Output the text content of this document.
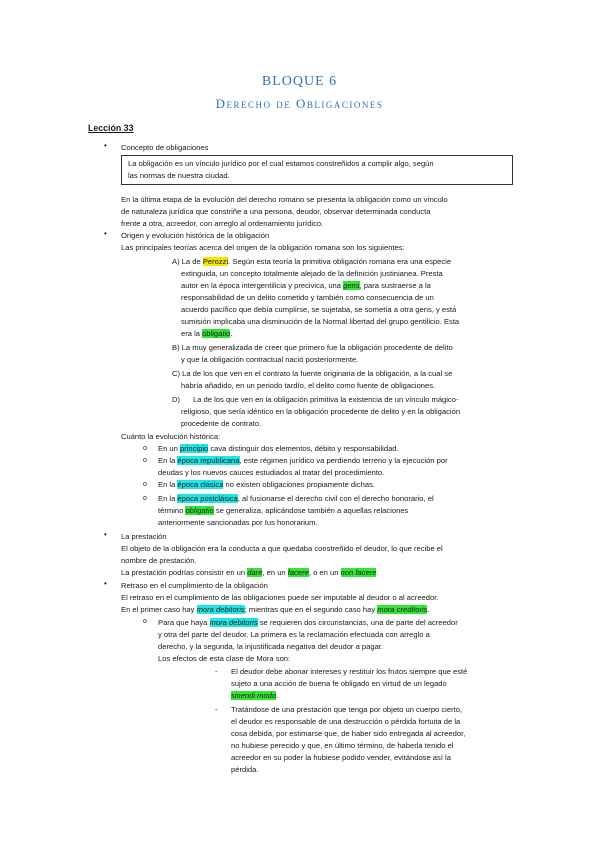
BLOQUE 6
Derecho de Obligaciones
Lección 33
• Concepto de obligaciones
La obligación es un vínculo jurídico por el cual estamos constreñidos a cumplir algo, según
las normas de nuestra ciudad.
En la última etapa de la evolución del derecho romano se presenta la obligación como un vínculo
de naturaleza jurídica que constriñe a una persona, deudor, observar determinada conducta
frente a otra, acreedor, con arreglo al ordenamiento jurídico.
• Origen y evolución histórica de la obligación
Las principales teorías acerca del origen de la obligación romana son los siguientes:
A) La de Perozzi. Según esta teoría la primitiva obligación romana era una especie
extinguida, un concepto totalmente alejado de la definición justinianea. Presta
autor en la época intergentilicia y precivica, una gens, para sustraerse a la
responsabilidad de un delito cometido y también como consecuencia de un
acuerdo pacífico que debía cumplirse, se sujetaba, se sometía a otra gens, y está
sumisión implicaba una disminución de la Normal libertad del grupo gentilicio. Esta
era la obligatio.
B) La muy generalizada de creer que primero fue la obligación procedente de delito
y que la obligación contractual nació posteriormente.
C) La de los que ven en el contrato la fuente originaria de la obligación, a la cual se
habría añadido, en un periodo tardío, el delito como fuente de obligaciones.
D) La de los que ven en la obligación primitiva la existencia de un vínculo mágico-
religioso, que sería idéntico en la obligación procedente de delito y en la obligación
procedente de contrato.
Cuánto la evolución histórica:
o En un principio cava distinguir dos elementos, débito y responsabilidad.
o En la época republicana, este régimen jurídico va perdiendo terreno y la ejecución por
deudas y los nuevos cauces estudiados al tratar del procedimiento.
o En la época clásica no existen obligaciones propiamente dichas.
o En la época postclásica, al fusionarse el derecho civil con el derecho honorario, el
término obligatio se generaliza, aplicándose también a aquellas relaciones
anteriormente sancionadas por Ius honorarium.
• La prestación
El objeto de la obligación era la conducta a que quedaba constreñido el deudor, lo que recibe el
nombre de prestación.
La prestación podrías consistir en un dare, en un facere, o en un non facere.
• Retraso en el cumplimiento de la obligación
El retraso en el cumplimiento de las obligaciones puede ser imputable al deudor o al acreedor.
En el primer caso hay mora debitoris; mientras que en el segundo caso hay mora creditoris.
o Para que haya mora debitoris se requieren dos circunstancias, una de parte del acreedor
y otra del parte del deudor. La primera es la reclamación efectuada con arreglo a
derecho, y la segunda, la injustificada negativa del deudor a pagar.
Los efectos de esta clase de Mora son:
- El deudor debe abonar intereses y restituir los frutos siempre que esté
sujeto a una acción de buena fe obligado en virtud de un legado
sinendi modo.
- Tratándose de una prestación que tenga por objeto un cuerpo cierto,
el deudor es responsable de una destrucción o pérdida fortuita de la
cosa debida, por estimarse que, de haber sido entregada al acreedor,
no hubiese perecido y que, en último término, de haberla tenido el
acreedor en su poder la hubiese podido vender, evitándose así la
pérdida.
